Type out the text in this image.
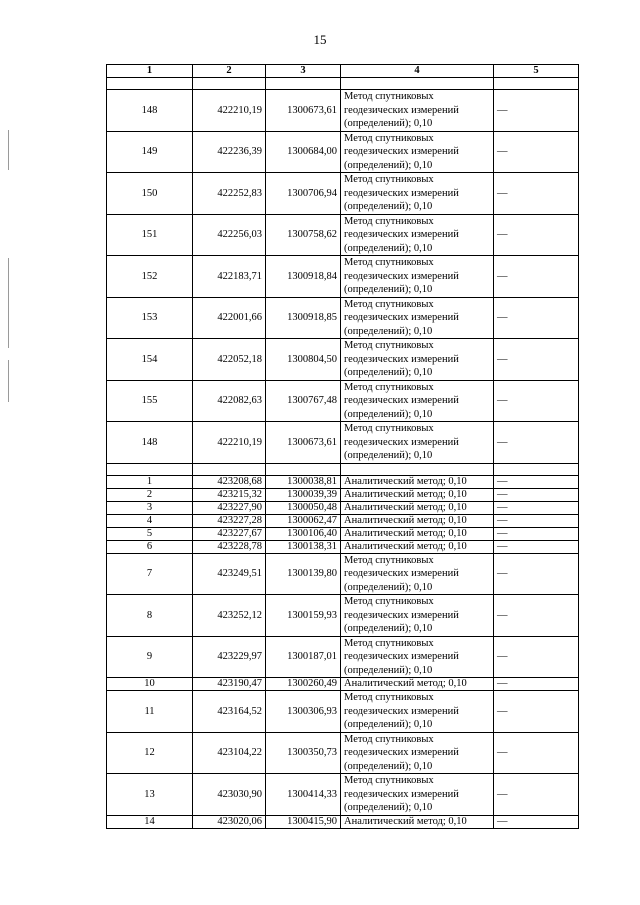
15
1	2	3	4	5

148	422210,19	1300673,61	Метод спутниковых
геодезических измерений
(определений); 0,10	—
149	422236,39	1300684,00	Метод спутниковых
геодезических измерений
(определений); 0,10	—
150	422252,83	1300706,94	Метод спутниковых
геодезических измерений
(определений); 0,10	—
151	422256,03	1300758,62	Метод спутниковых
геодезических измерений
(определений); 0,10	—
152	422183,71	1300918,84	Метод спутниковых
геодезических измерений
(определений); 0,10	—
153	422001,66	1300918,85	Метод спутниковых
геодезических измерений
(определений); 0,10	—
154	422052,18	1300804,50	Метод спутниковых
геодезических измерений
(определений); 0,10	—
155	422082,63	1300767,48	Метод спутниковых
геодезических измерений
(определений); 0,10	—
148	422210,19	1300673,61	Метод спутниковых
геодезических измерений
(определений); 0,10	—

1	423208,68	1300038,81	Аналитический метод; 0,10	—
2	423215,32	1300039,39	Аналитический метод; 0,10	—
3	423227,90	1300050,48	Аналитический метод; 0,10	—
4	423227,28	1300062,47	Аналитический метод; 0,10	—
5	423227,67	1300106,40	Аналитический метод; 0,10	—
6	423228,78	1300138,31	Аналитический метод; 0,10	—
7	423249,51	1300139,80	Метод спутниковых
геодезических измерений
(определений); 0,10	—
8	423252,12	1300159,93	Метод спутниковых
геодезических измерений
(определений); 0,10	—
9	423229,97	1300187,01	Метод спутниковых
геодезических измерений
(определений); 0,10	—
10	423190,47	1300260,49	Аналитический метод; 0,10	—
11	423164,52	1300306,93	Метод спутниковых
геодезических измерений
(определений); 0,10	—
12	423104,22	1300350,73	Метод спутниковых
геодезических измерений
(определений); 0,10	—
13	423030,90	1300414,33	Метод спутниковых
геодезических измерений
(определений); 0,10	—
14	423020,06	1300415,90	Аналитический метод; 0,10	—
